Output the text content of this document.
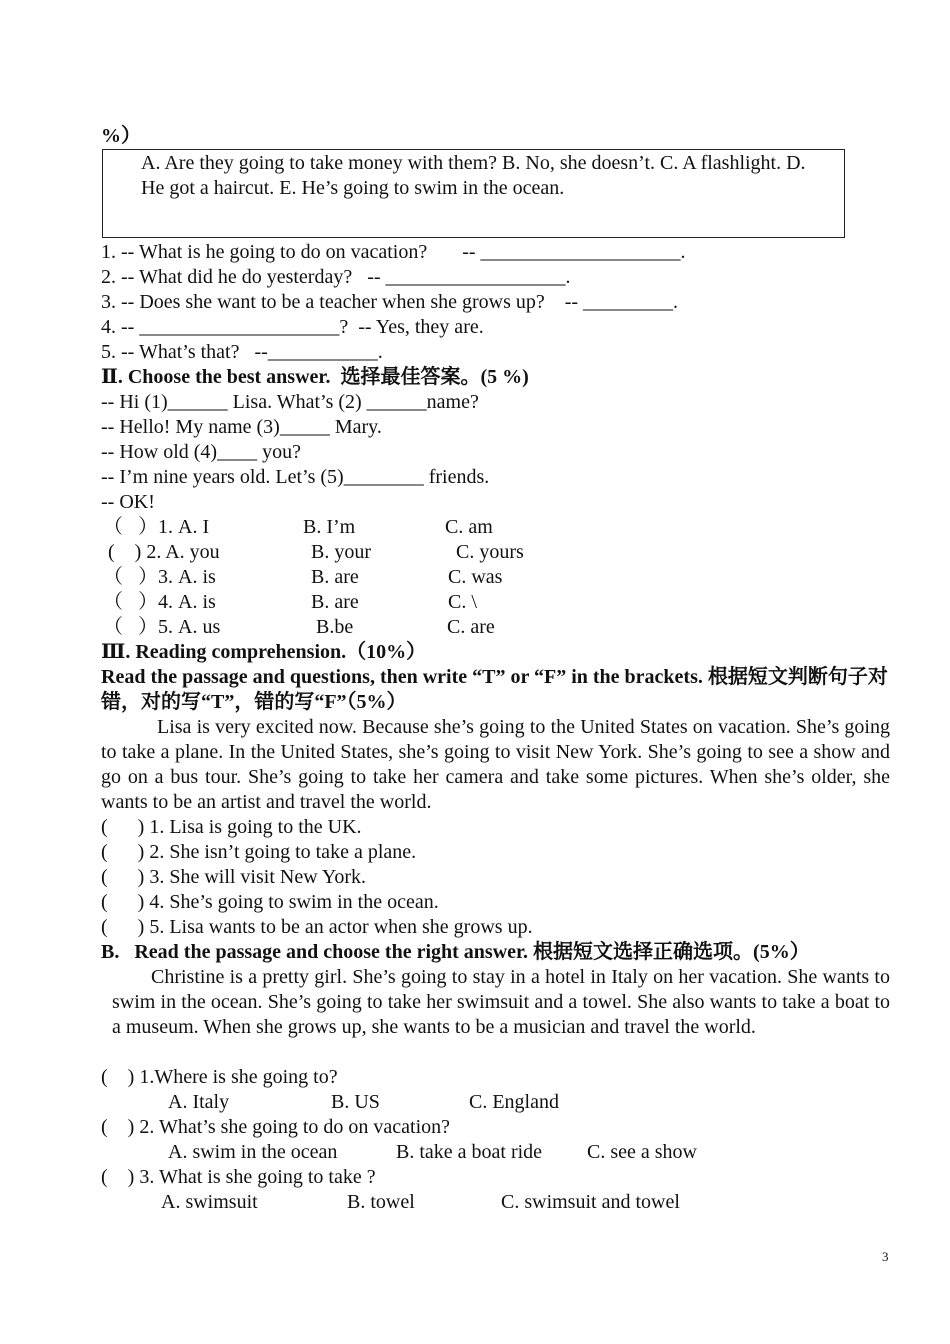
%）

A. Are they going to take money with them? B. No, she doesn’t. C. A flashlight. D. He got a haircut. E. He’s going to swim in the ocean.

1. -- What is he going to do on vacation?       -- ____________________.

2. -- What did he do yesterday?   -- __________________.

3. -- Does she want to be a teacher when she grows up?    -- _________.

4. -- ____________________?  -- Yes, they are.

5. -- What’s that?   --___________.

Ⅱ. Choose the best answer.  选择最佳答案。(5 %)

-- Hi (1)______ Lisa. What’s (2) ______name?

-- Hello! My name (3)_____ Mary.

-- How old (4)____ you?

-- I’m nine years old. Let’s (5)________ friends.

-- OK!

（   ）1. A. I	B. I’m	C. am
(    ) 2. A. you	B. your	C. yours
（   ）3. A. is	B. are	C. was
（   ）4. A. is	B. are	C. \
（   ）5. A. us	B.be	C. are

Ⅲ. Reading comprehension.（10%）

Read the passage and questions, then write “T” or “F” in the brackets. 根据短文判断句子对错，对的写“T”，错的写“F”（5%）

Lisa is very excited now. Because she’s going to the United States on vacation. She’s going to take a plane. In the United States, she’s going to visit New York. She’s going to see a show and go on a bus tour. She’s going to take her camera and take some pictures. When she’s older, she wants to be an artist and travel the world.

(      ) 1. Lisa is going to the UK.

(      ) 2. She isn’t going to take a plane.

(      ) 3. She will visit New York.

(      ) 4. She’s going to swim in the ocean.

(      ) 5. Lisa wants to be an actor when she grows up.

B.   Read the passage and choose the right answer. 根据短文选择正确选项。(5%）

Christine is a pretty girl. She’s going to stay in a hotel in Italy on her vacation. She wants to swim in the ocean. She’s going to take her swimsuit and a towel. She also wants to take a boat to a museum. When she grows up, she wants to be a musician and travel the world.

(    ) 1.Where is she going to?

A. Italy	B. US	C. England

(    ) 2. What’s she going to do on vacation?

A. swim in the ocean	B. take a boat ride C. see a show

(    ) 3. What is she going to take ?

A. swimsuit	B. towel	C. swimsuit and towel
3
